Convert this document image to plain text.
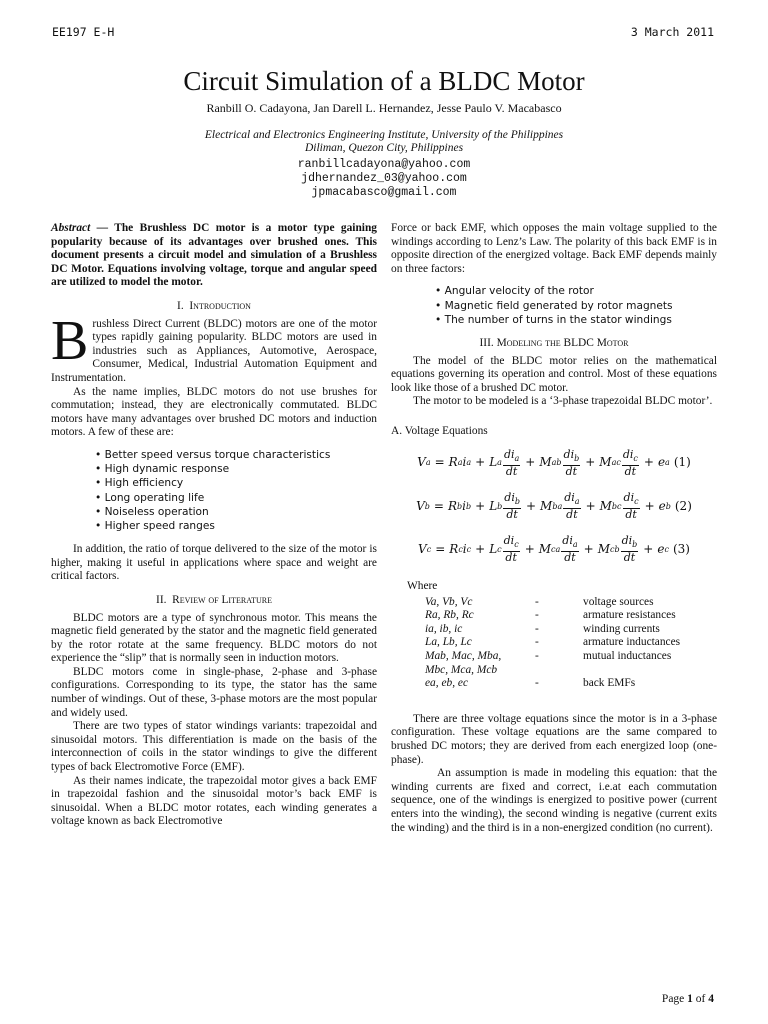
EE197 E-H	3 March 2011
Circuit Simulation of a BLDC Motor
Ranbill O. Cadayona, Jan Darell L. Hernandez, Jesse Paulo V. Macabasco
Electrical and Electronics Engineering Institute, University of the Philippines
Diliman, Quezon City, Philippines
ranbillcadayona@yahoo.com
jdhernandez_03@yahoo.com
jpmacabasco@gmail.com

Abstract — The Brushless DC motor is a motor type gaining popularity because of its advantages over brushed ones. This document presents a circuit model and simulation of a Brushless DC Motor. Equations involving voltage, torque and angular speed are utilized to model the motor.

I. Introduction
B rushless Direct Current (BLDC) motors are one of the motor types rapidly gaining popularity. BLDC motors are used in industries such as Appliances, Automotive, Aerospace, Consumer, Medical, Industrial Automation Equipment and Instrumentation.

As the name implies, BLDC motors do not use brushes for commutation; instead, they are electronically commutated. BLDC motors have many advantages over brushed DC motors and induction motors. A few of these are:

• Better speed versus torque characteristics
• High dynamic response
• High efficiency
• Long operating life
• Noiseless operation
• Higher speed ranges

In addition, the ratio of torque delivered to the size of the motor is higher, making it useful in applications where space and weight are critical factors.

II. Review of Literature

BLDC motors are a type of synchronous motor. This means the magnetic field generated by the stator and the magnetic field generated by the rotor rotate at the same frequency. BLDC motors do not experience the “slip” that is normally seen in induction motors.

BLDC motors come in single-phase, 2-phase and 3-phase configurations. Corresponding to its type, the stator has the same number of windings. Out of these, 3-phase motors are the most popular and widely used.

There are two types of stator windings variants: trapezoidal and sinusoidal motors. This differentiation is made on the basis of the interconnection of coils in the stator windings to give the different types of back Electromotive Force (EMF).

As their names indicate, the trapezoidal motor gives a back EMF in trapezoidal fashion and the sinusoidal motor’s back EMF is sinusoidal. When a BLDC motor rotates, each winding generates a voltage known as back Electromotive

Force or back EMF, which opposes the main voltage supplied to the windings according to Lenz’s Law. The polarity of this back EMF is in opposite direction of the energized voltage. Back EMF depends mainly on three factors:

• Angular velocity of the rotor
• Magnetic field generated by rotor magnets
• The number of turns in the stator windings
III. Modeling the BLDC Motor

The model of the BLDC motor relies on the mathematical equations governing its operation and control. Most of these equations look like those of a brushed DC motor.

The motor to be modeled is a ‘3-phase trapezoidal BLDC motor’.

A. Voltage Equations
V a = R a i a + L a
$di_a$
dt
+ M ab
$di_b$
dt
+ M ac
$di_c$
dt
+ e a (1)
V b = R b i b + L b
$di_b$
dt
+ M ba
$di_a$
dt
+ M bc
$di_c$
dt
+ e b (2)
V c = R c i c + L c
$di_c$
dt
+ M ca
$di_a$
dt
+ M cb
$di_b$
dt
+ e c (3)
Where
Va, Vb, Vc	-	voltage sources
Ra, Rb, Rc	-	armature resistances
ia, ib, ic	-	winding currents
La, Lb, Lc	-	armature inductances
Mab, Mac, Mba,	-	mutual inductances
Mbc, Mca, Mcb		
ea, eb, ec	-	back EMFs

There are three voltage equations since the motor is in a 3-phase configuration. These voltage equations are the same compared to brushed DC motors; they are derived from each energized loop (one-phase).

An assumption is made in modeling this equation: that the winding currents are fixed and correct, i.e.at each commutation sequence, one of the windings is energized to positive power (current enters into the winding), the second winding is negative (current exits the winding) and the third is in a non-energized condition (no current).

Page 1 of 4
